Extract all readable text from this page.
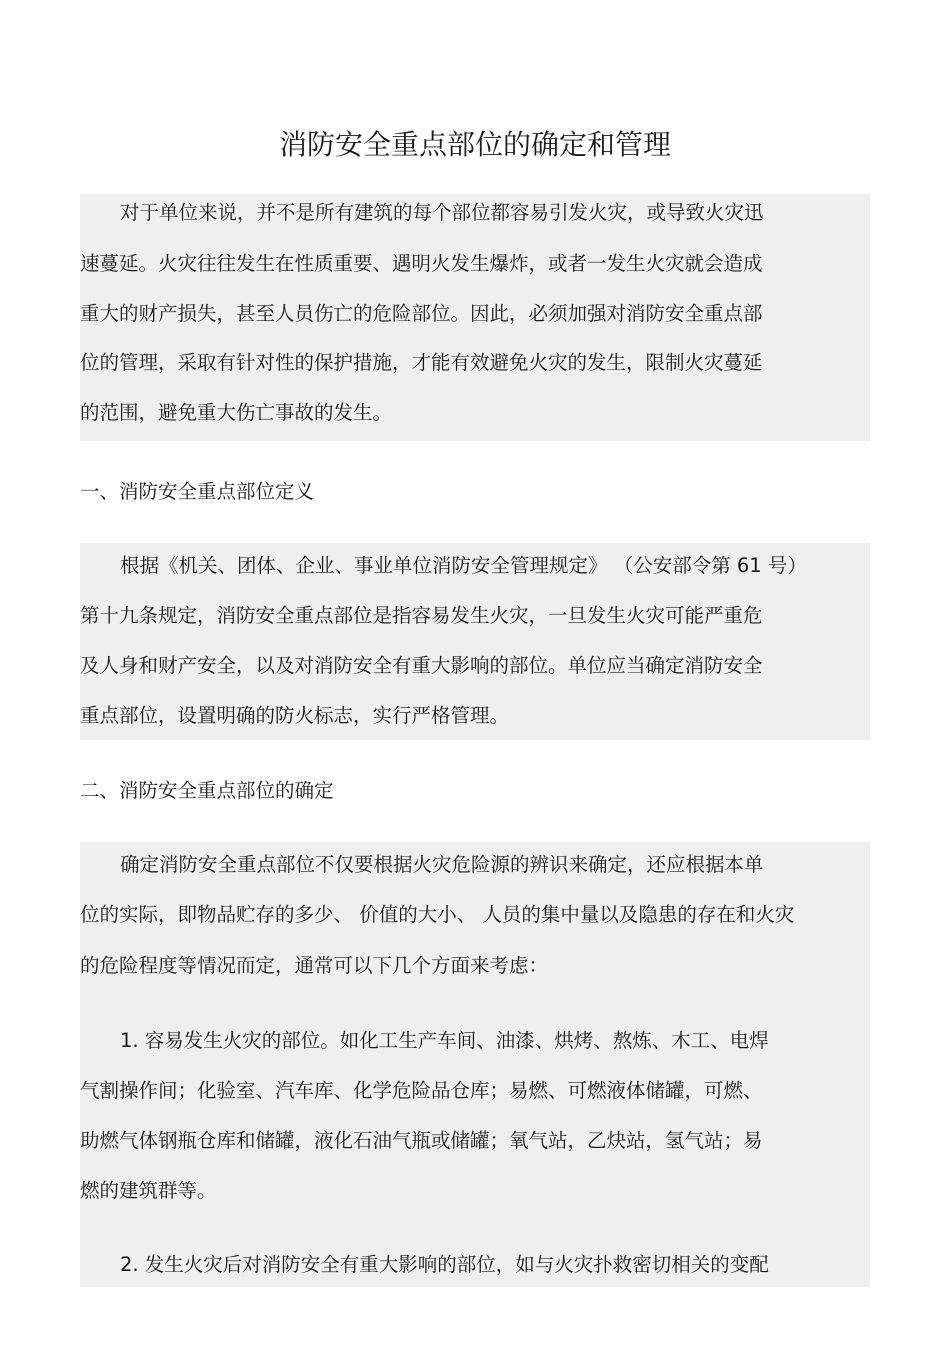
消防安全重点部位的确定和管理
对于单位来说，并不是所有建筑的每个部位都容易引发火灾，或导致火灾迅
速蔓延。火灾往往发生在性质重要、遇明火发生爆炸，或者一发生火灾就会造成
重大的财产损失，甚至人员伤亡的危险部位。因此，必须加强对消防安全重点部
位的管理，采取有针对性的保护措施，才能有效避免火灾的发生，限制火灾蔓延
的范围，避免重大伤亡事故的发生。
一、消防安全重点部位定义
根据《机关、团体、企业、事业单位消防安全管理规定》 （公安部令第 61 号）
第十九条规定，消防安全重点部位是指容易发生火灾，一旦发生火灾可能严重危
及人身和财产安全，以及对消防安全有重大影响的部位。单位应当确定消防安全
重点部位，设置明确的防火标志，实行严格管理。
二、消防安全重点部位的确定
确定消防安全重点部位不仅要根据火灾危险源的辨识来确定，还应根据本单
位的实际，即物品贮存的多少、 价值的大小、 人员的集中量以及隐患的存在和火灾
的危险程度等情况而定，通常可以下几个方面来考虑：
1. 容易发生火灾的部位。如化工生产车间、油漆、烘烤、熬炼、木工、电焊
气割操作间；化验室、汽车库、化学危险品仓库；易燃、可燃液体储罐，可燃、
助燃气体钢瓶仓库和储罐，液化石油气瓶或储罐；氧气站，乙炔站，氢气站；易
燃的建筑群等。
2. 发生火灾后对消防安全有重大影响的部位，如与火灾扑救密切相关的变配
